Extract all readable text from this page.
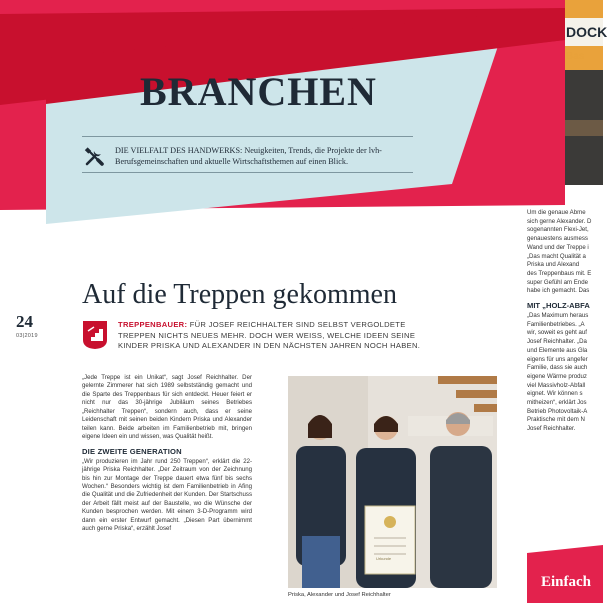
DOCK
Bas
BRANCHEN
DIE VIELFALT DES HANDWERKS: Neuigkeiten, Trends, die Projekte der lvh-Berufsgemeinschaften und aktuelle Wirtschaftsthemen auf einen Blick.
24
03|2019
Auf die Treppen gekommen
TREPPENBAUER: FÜR JOSEF REICHHALTER SIND SELBST VERGOLDETE TREPPEN NICHTS NEUES MEHR. DOCH WER WEISS, WELCHE IDEEN SEINE KINDER PRISKA UND ALEXANDER IN DEN NÄCHSTEN JAHREN NOCH HABEN.

„Jede Treppe ist ein Unikat“, sagt Josef Reichhalter. Der gelernte Zimmerer hat sich 1989 selbstständig gemacht und die Sparte des Treppenbaus für sich entdeckt. Heuer feiert er nicht nur das 30-jährige Jubiläum seines Betriebes „Reichhalter Treppen“, sondern auch, dass er seine Leidenschaft mit seinen beiden Kindern Priska und Alexander teilen kann. Beide arbeiten im Familienbetrieb mit, bringen eigene Ideen ein und wissen, was Qualität heißt.

DIE ZWEITE GENERATION

„Wir produzieren im Jahr rund 250 Treppen“, erklärt die 22-jährige Priska Reichhalter. „Der Zeitraum von der Zeichnung bis hin zur Montage der Treppe dauert etwa fünf bis sechs Wochen.“ Besonders wichtig ist dem Familienbetrieb in Afing die Qualität und die Zufriedenheit der Kunden. Der Startschuss der Arbeit fällt meist auf der Baustelle, wo die Wünsche der Kunden besprochen werden. Mit einem 3-D-Programm wird dann ein erster Entwurf gemacht. „Diesen Part übernimmt auch gerne Priska“, erzählt Josef

Urkunde
Priska, Alexander und Josef Reichhalter

Um die genaue Abme

sich gerne Alexander. D

sogenannten Flexi-Jet,

genauestens ausmess

Wand und der Treppe i

„Das macht Qualität a

Priska und Alexand

des Treppenbaus mit. E

super Gefühl am Ende

habe ich gemacht. Das

MIT „HOLZ-ABFA

„Das Maximum heraus

Familienbetriebes. „A

wir, soweit es geht auf

Josef Reichhalter. „Da

und Elemente aus Gla

eigens für uns angefer

Familie, dass sie auch

eigene Wärme produz

viel Massivholz-Abfall

eignet. Wir können s

mitheizen“, erklärt Jos

Betrieb Photovoltaik-A

Praktische mit dem N

Josef Reichhalter.

Einfach
